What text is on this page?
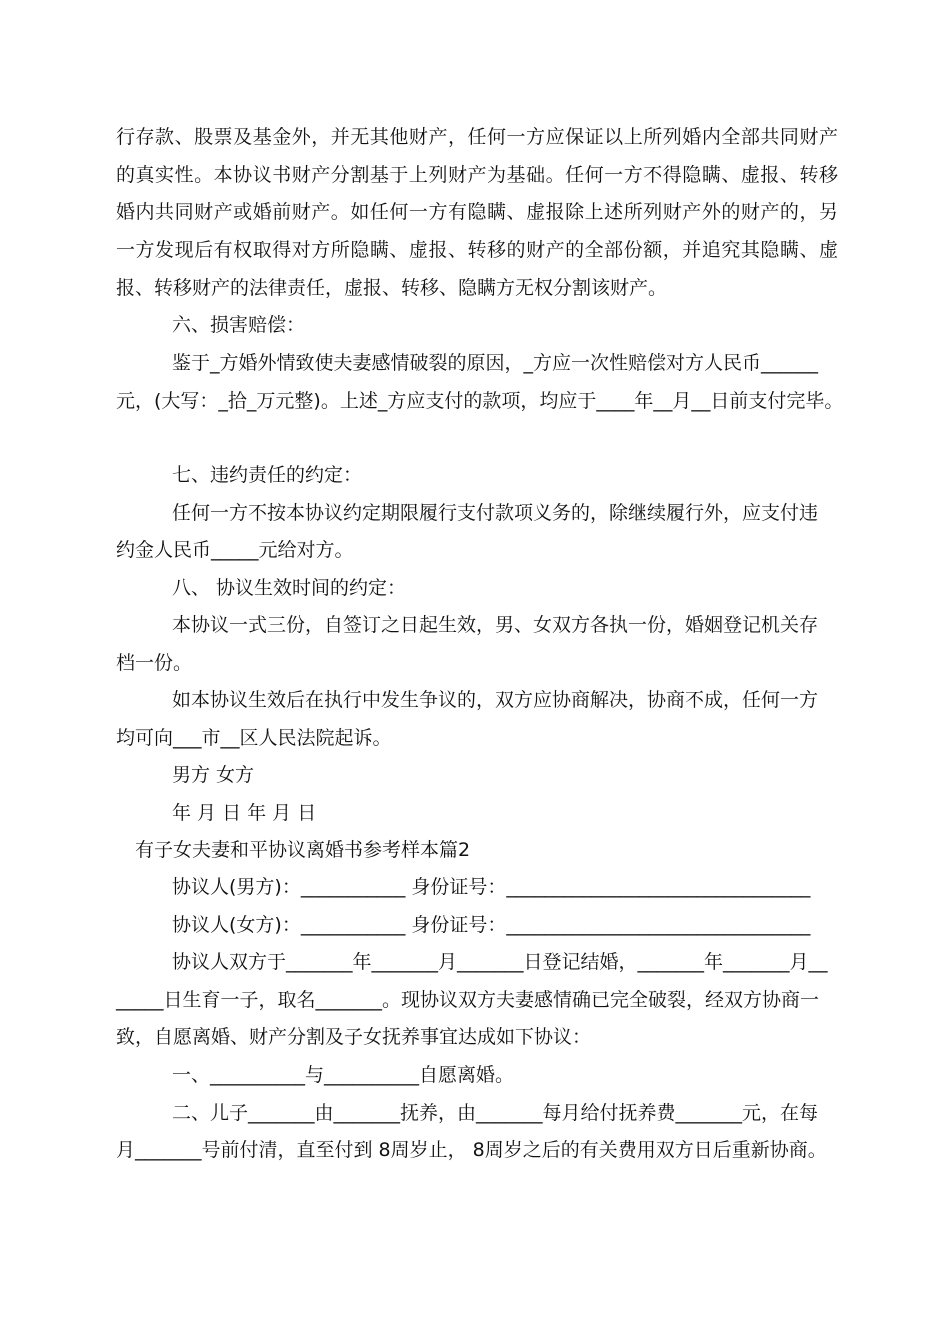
行存款、股票及基金外，并无其他财产，任何一方应保证以上所列婚内全部共同财产
的真实性。本协议书财产分割基于上列财产为基础。任何一方不得隐瞒、虚报、转移
婚内共同财产或婚前财产。如任何一方有隐瞒、虚报除上述所列财产外的财产的，另
一方发现后有权取得对方所隐瞒、虚报、转移的财产的全部份额，并追究其隐瞒、虚
报、转移财产的法律责任，虚报、转移、隐瞒方无权分割该财产。
六、损害赔偿：
鉴于_方婚外情致使夫妻感情破裂的原因，_方应一次性赔偿对方人民币______
元，(大写：_拾_万元整)。上述_方应支付的款项，均应于____年__月__日前支付完毕。
七、违约责任的约定：
任何一方不按本协议约定期限履行支付款项义务的，除继续履行外，应支付违
约金人民币_____元给对方。
八、 协议生效时间的约定：
本协议一式三份，自签订之日起生效，男、女双方各执一份，婚姻登记机关存
档一份。
如本协议生效后在执行中发生争议的，双方应协商解决，协商不成，任何一方
均可向___市__区人民法院起诉。
男方 女方
年 月 日 年 月 日
有子女夫妻和平协议离婚书参考样本篇2
协议人(男方)：___________ 身份证号：________________________________
协议人(女方)：___________ 身份证号：________________________________
协议人双方于_______年_______月_______日登记结婚，_______年_______月__
_____日生育一子，取名_______。现协议双方夫妻感情确已完全破裂，经双方协商一
致，自愿离婚、财产分割及子女抚养事宜达成如下协议：
一、__________与__________自愿离婚。
二、儿子_______由_______抚养，由_______每月给付抚养费_______元，在每
月_______号前付清，直至付到 8周岁止， 8周岁之后的有关费用双方日后重新协商。
